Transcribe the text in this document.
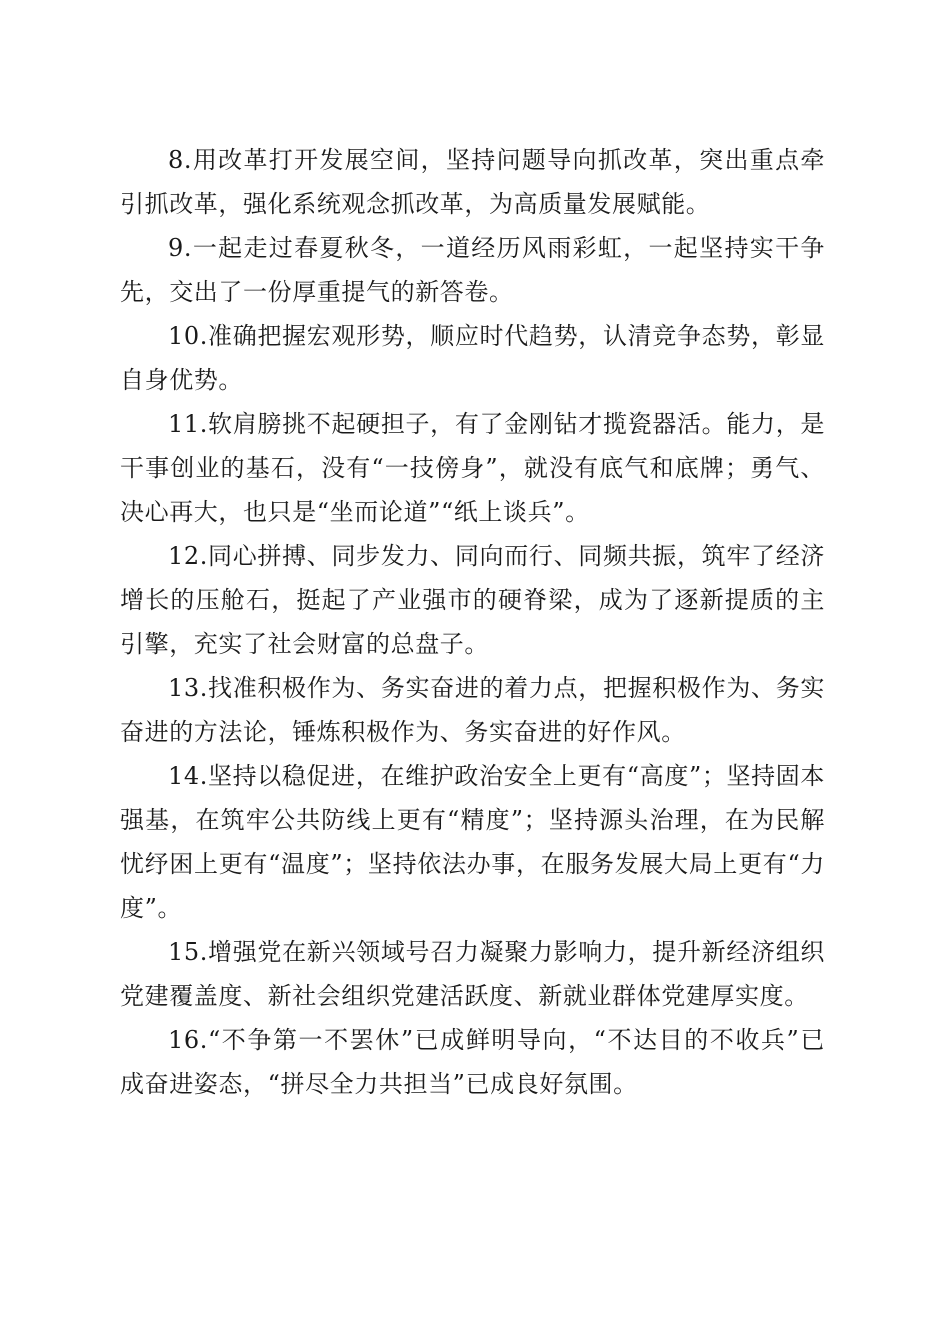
8.用改革打开发展空间，坚持问题导向抓改革，突出重点牵引抓改革，强化系统观念抓改革，为高质量发展赋能。

9.一起走过春夏秋冬，一道经历风雨彩虹，一起坚持实干争先，交出了一份厚重提气的新答卷。

10.准确把握宏观形势，顺应时代趋势，认清竞争态势，彰显自身优势。

11.软肩膀挑不起硬担子，有了金刚钻才揽瓷器活。能力，是干事创业的基石，没有“一技傍身”，就没有底气和底牌；勇气、决心再大，也只是“坐而论道”“纸上谈兵”。

12.同心拼搏、同步发力、同向而行、同频共振，筑牢了经济增长的压舱石，挺起了产业强市的硬脊梁，成为了逐新提质的主引擎，充实了社会财富的总盘子。

13.找准积极作为、务实奋进的着力点，把握积极作为、务实奋进的方法论，锤炼积极作为、务实奋进的好作风。

14.坚持以稳促进，在维护政治安全上更有“高度”；坚持固本强基，在筑牢公共防线上更有“精度”；坚持源头治理，在为民解忧纾困上更有“温度”；坚持依法办事，在服务发展大局上更有“力度”。

15.增强党在新兴领域号召力凝聚力影响力，提升新经济组织党建覆盖度、新社会组织党建活跃度、新就业群体党建厚实度。

16.“不争第一不罢休”已成鲜明导向，“不达目的不收兵”已成奋进姿态，“拼尽全力共担当”已成良好氛围。
